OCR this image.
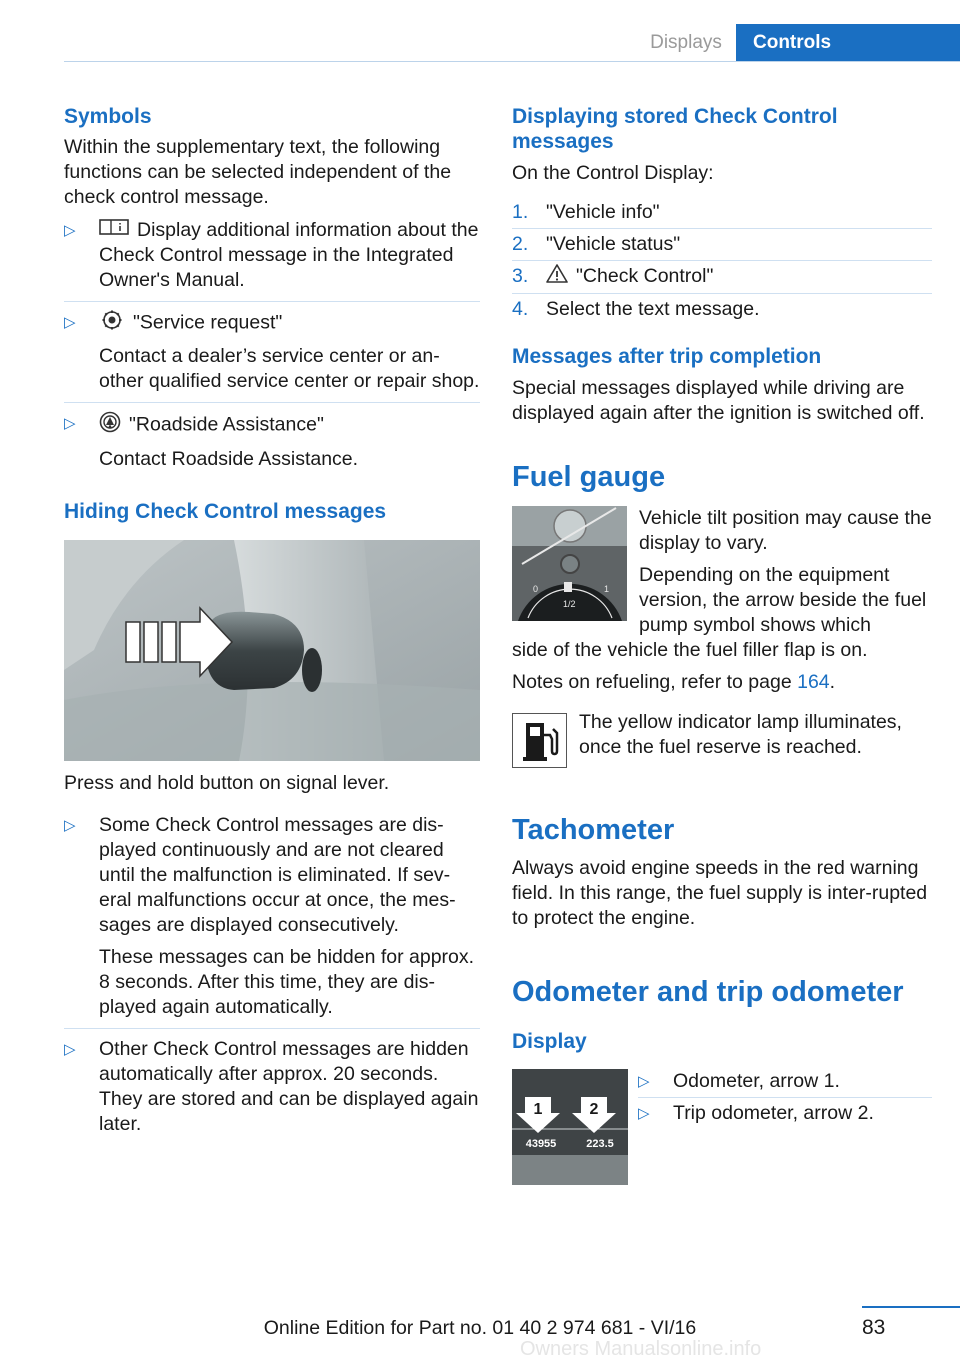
Displays	Controls
Symbols

Within the supplementary text, the following functions can be selected independent of the check control message.

▷	Display additional information about the Check Control message in the Integrated Owner's Manual.
▷	"Service request"

Contact a dealer’s service center or an-other qualified service center or repair shop.

▷	"Roadside Assistance"

Contact Roadside Assistance.

Hiding Check Control messages

Press and hold button on signal lever.

▷ Some Check Control messages are dis-played continuously and are not cleared until the malfunction is eliminated. If sev-eral malfunctions occur at once, the mes-sages are displayed consecutively.

These messages can be hidden for approx. 8 seconds. After this time, they are dis-played again automatically.

▷ Other Check Control messages are hidden automatically after approx. 20 seconds. They are stored and can be displayed again later.

Displaying stored Check Control messages

On the Control Display:

1. "Vehicle info"
2. "Vehicle status"
3. "Check Control"
4. Select the text message.
Messages after trip completion

Special messages displayed while driving are displayed again after the ignition is switched off.

Fuel gauge
0
1/2
1

Vehicle tilt position may cause the display to vary.

Depending on the equipment version, the arrow beside the fuel pump symbol shows which

side of the vehicle the fuel filler flap is on.

Notes on refueling, refer to page 164.

The yellow indicator lamp illuminates, once the fuel reserve is reached.

Tachometer

Always avoid engine speeds in the red warning field. In this range, the fuel supply is inter-rupted to protect the engine.

Odometer and trip odometer
Display
1	2
43955	223.5
▷ Odometer, arrow 1.
▷ Trip odometer, arrow 2.
83
Online Edition for Part no. 01 40 2 974 681 - VI/16
Owners Manualsonline.info
